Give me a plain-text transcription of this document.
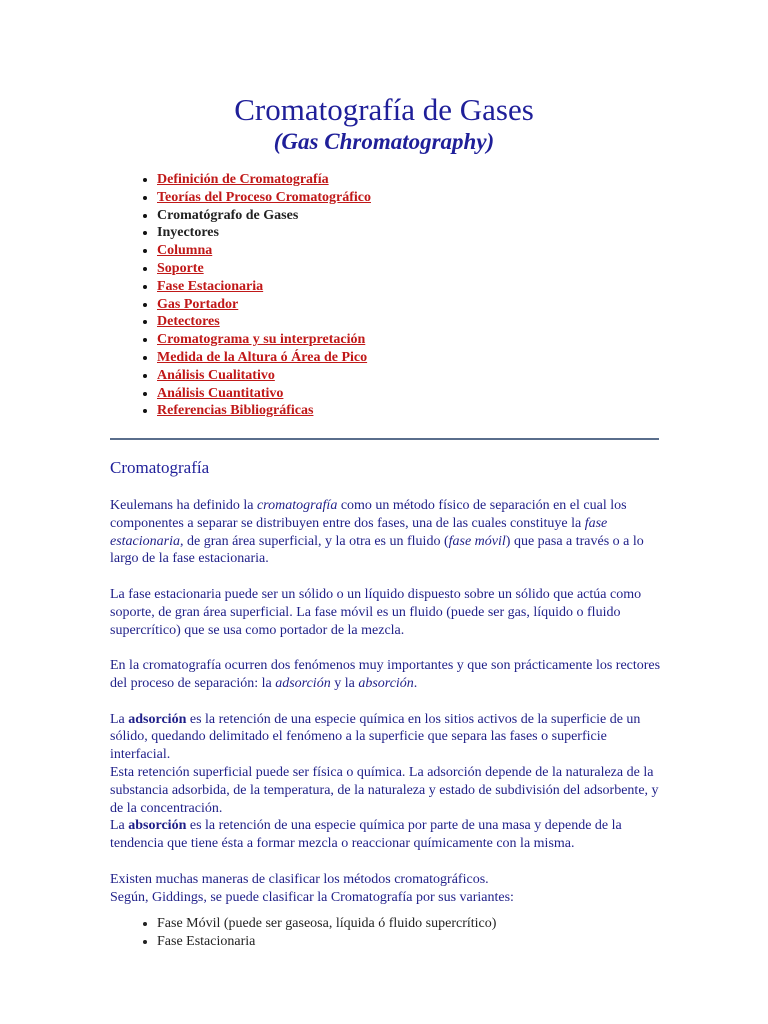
Cromatografía de Gases
(Gas Chromatography)
• Definición de Cromatografía
• Teorías del Proceso Cromatográfico
• Cromatógrafo de Gases
• Inyectores
• Columna
• Soporte
• Fase Estacionaria
• Gas Portador
• Detectores
• Cromatograma y su interpretación
• Medida de la Altura ó Área de Pico
• Análisis Cualitativo
• Análisis Cuantitativo
• Referencias Bibliográficas
Cromatografía

Keulemans ha definido la cromatografía como un método físico de separación en el cual los componentes a separar se distribuyen entre dos fases, una de las cuales constituye la fase estacionaria, de gran área superficial, y la otra es un fluido (fase móvil) que pasa a través o a lo largo de la fase estacionaria.

La fase estacionaria puede ser un sólido o un líquido dispuesto sobre un sólido que actúa como soporte, de gran área superficial. La fase móvil es un fluido (puede ser gas, líquido o fluido supercrítico) que se usa como portador de la mezcla.

En la cromatografía ocurren dos fenómenos muy importantes y que son prácticamente los rectores del proceso de separación: la adsorción y la absorción.

La adsorción es la retención de una especie química en los sitios activos de la superficie de un sólido, quedando delimitado el fenómeno a la superficie que separa las fases o superficie interfacial.
Esta retención superficial puede ser física o química. La adsorción depende de la naturaleza de la substancia adsorbida, de la temperatura, de la naturaleza y estado de subdivisión del adsorbente, y de la concentración.
La absorción es la retención de una especie química por parte de una masa y depende de la tendencia que tiene ésta a formar mezcla o reaccionar químicamente con la misma.

Existen muchas maneras de clasificar los métodos cromatográficos.
Según, Giddings, se puede clasificar la Cromatografía por sus variantes:

• Fase Móvil (puede ser gaseosa, líquida ó fluido supercrítico)
• Fase Estacionaria
